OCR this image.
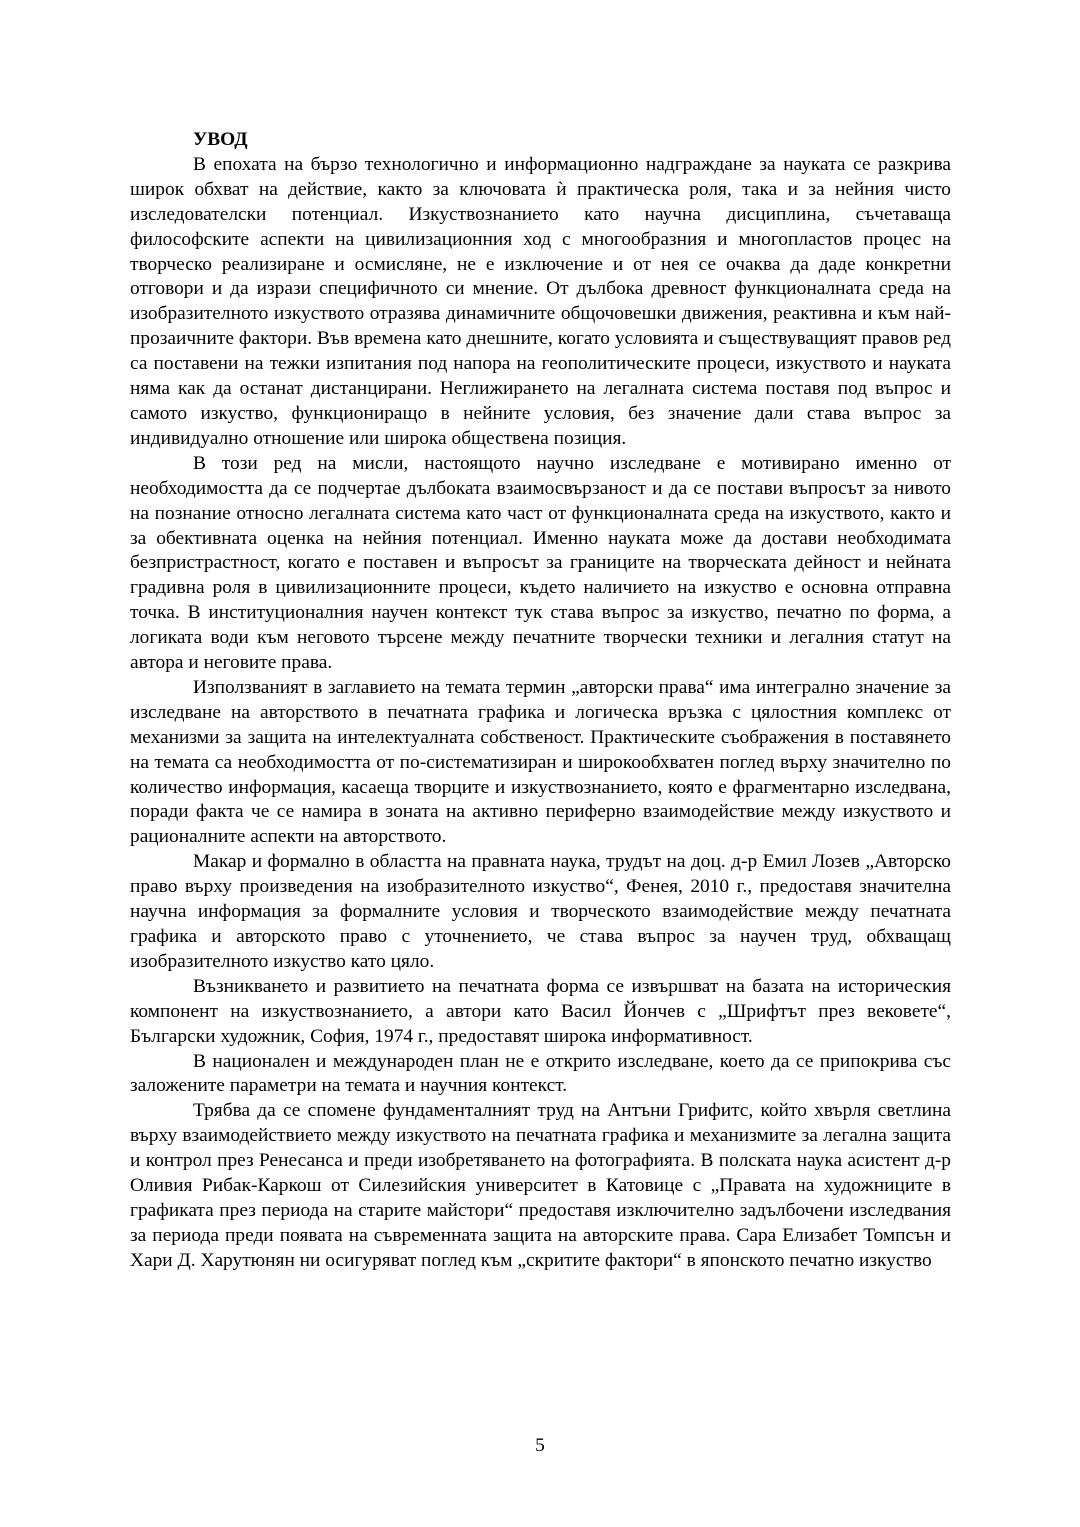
УВОД

В епохата на бързо технологично и информационно надграждане за науката се разкрива широк обхват на действие, както за ключовата ѝ практическа роля, така и за нейния чисто изследователски потенциал. Изкуствознанието като научна дисциплина, съчетаваща философските аспекти на цивилизационния ход с многообразния и многопластов процес на творческо реализиране и осмисляне, не е изключение и от нея се очаква да даде конкретни отговори и да изрази специфичното си мнение. От дълбока древност функционалната среда на изобразителното изкуството отразява динамичните общочовешки движения, реактивна и към най-прозаичните фактори. Във времена като днешните, когато условията и съществуващият правов ред са поставени на тежки изпитания под напора на геополитическите процеси, изкуството и науката няма как да останат дистанцирани. Неглижирането на легалната система поставя под въпрос и самото изкуство, функциониращо в нейните условия, без значение дали става въпрос за индивидуално отношение или широка обществена позиция.

В този ред на мисли, настоящото научно изследване е мотивирано именно от необходимостта да се подчертае дълбоката взаимосвързаност и да се постави въпросът за нивото на познание относно легалната система като част от функционалната среда на изкуството, както и за обективната оценка на нейния потенциал. Именно науката може да достави необходимата безпристрастност, когато е поставен и въпросът за границите на творческата дейност и нейната градивна роля в цивилизационните процеси, където наличието на изкуство е основна отправна точка. В институционалния научен контекст тук става въпрос за изкуство, печатно по форма, а логиката води към неговото търсене между печатните творчески техники и легалния статут на автора и неговите права.

Използваният в заглавието на темата термин „авторски права“ има интегрално значение за изследване на авторството в печатната графика и логическа връзка с цялостния комплекс от механизми за защита на интелектуалната собственост. Практическите съображения в поставянето на темата са необходимостта от по-систематизиран и широкообхватен поглед върху значително по количество информация, касаеща творците и изкуствознанието, която е фрагментарно изследвана, поради факта че се намира в зоната на активно периферно взаимодействие между изкуството и рационалните аспекти на авторството.

Макар и формално в областта на правната наука, трудът на доц. д-р Емил Лозев „Авторско право върху произведения на изобразителното изкуство“, Фенея, 2010 г., предоставя значителна научна информация за формалните условия и творческото взаимодействие между печатната графика и авторското право с уточнението, че става въпрос за научен труд, обхващащ изобразителното изкуство като цяло.

Възникването и развитието на печатната форма се извършват на базата на историческия компонент на изкуствознанието, а автори като Васил Йончев с „Шрифтът през вековете“, Български художник, София, 1974 г., предоставят широка информативност.

В национален и международен план не е открито изследване, което да се припокрива със заложените параметри на темата и научния контекст.

Трябва да се спомене фундаменталният труд на Антъни Грифитс, който хвърля светлина върху взаимодействието между изкуството на печатната графика и механизмите за легална защита и контрол през Ренесанса и преди изобретяването на фотографията. В полската наука асистент д-р Оливия Рибак-Каркош от Силезийския университет в Катовице с „Правата на художниците в графиката през периода на старите майстори“ предоставя изключително задълбочени изследвания за периода преди появата на съвременната защита на авторските права. Сара Елизабет Томпсън и Хари Д. Харутюнян ни осигуряват поглед към „скритите фактори“ в японското печатно изкуство

5
